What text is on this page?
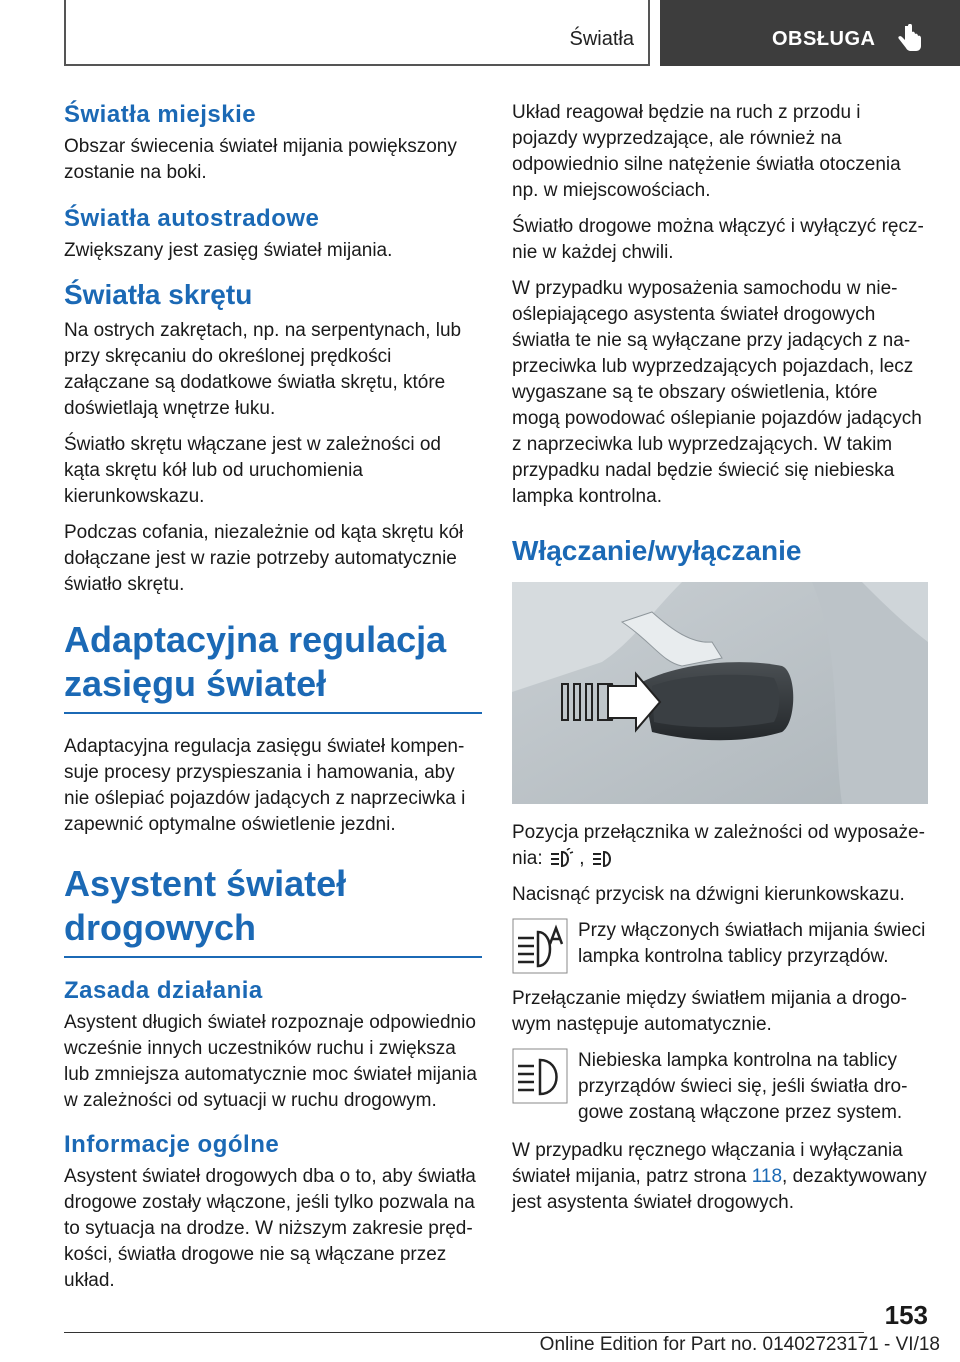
Światła	OBSŁUGA
Światła miejskie

Obszar świecenia świateł mijania powiększony zostanie na boki.

Światła autostradowe

Zwiększany jest zasięg świateł mijania.

Światła skrętu

Na ostrych zakrętach, np. na serpentynach, lub przy skręcaniu do określonej prędkości załączane są dodatkowe światła skrętu, które doświetlają wnętrze łuku.

Światło skrętu włączane jest w zależności od kąta skrętu kół lub od uruchomienia kierunkowskazu.

Podczas cofania, niezależnie od kąta skrętu kół dołączane jest w razie potrzeby automatycznie światło skrętu.

Adaptacyjna regulacja
zasięgu świateł

Adaptacyjna regulacja zasięgu świateł kompensuje procesy przyspieszania i hamowania, aby nie oślepiać pojazdów jadących z naprzeciwka i zapewnić optymalne oświetlenie jezdni.

Asystent świateł
drogowych
Zasada działania

Asystent długich świateł rozpoznaje odpowiednio wcześnie innych uczestników ruchu i zwiększa lub zmniejsza automatycznie moc świateł mijania w zależności od sytuacji w ruchu drogowym.

Informacje ogólne

Asystent świateł drogowych dba o to, aby światła drogowe zostały włączone, jeśli tylko pozwala na to sytuacja na drodze. W niższym zakresie prędkości, światła drogowe nie są włączane przez układ.

Układ reagował będzie na ruch z przodu i pojazdy wyprzedzające, ale również na odpowiednio silne natężenie światła otoczenia np. w miejscowościach.

Światło drogowe można włączyć i wyłączyć ręcznie w każdej chwili.

W przypadku wyposażenia samochodu w nieoślepiającego asystenta świateł drogowych światła te nie są wyłączane przy jadących z naprzeciwka lub wyprzedzających pojazdach, lecz wygaszane są te obszary oświetlenia, które mogą powodować oślepianie pojazdów jadących z naprzeciwka lub wyprzedzających. W takim przypadku nadal będzie świecić się niebieska lampka kontrolna.

Włączanie/wyłączanie

Pozycja przełącznika w zależności od wyposażenia: ,

Nacisnąć przycisk na dźwigni kierunkowskazu.

Przy włączonych światłach mijania świeci lampka kontrolna tablicy przyrządów.

Przełączanie między światłem mijania a drogowym następuje automatycznie.

Niebieska lampka kontrolna na tablicy przyrządów świeci się, jeśli światła drogowe zostaną włączone przez system.

W przypadku ręcznego włączania i wyłączania świateł mijania, patrz strona 118, dezaktywowany jest asystenta świateł drogowych.

153
Online Edition for Part no. 01402723171 - VI/18
